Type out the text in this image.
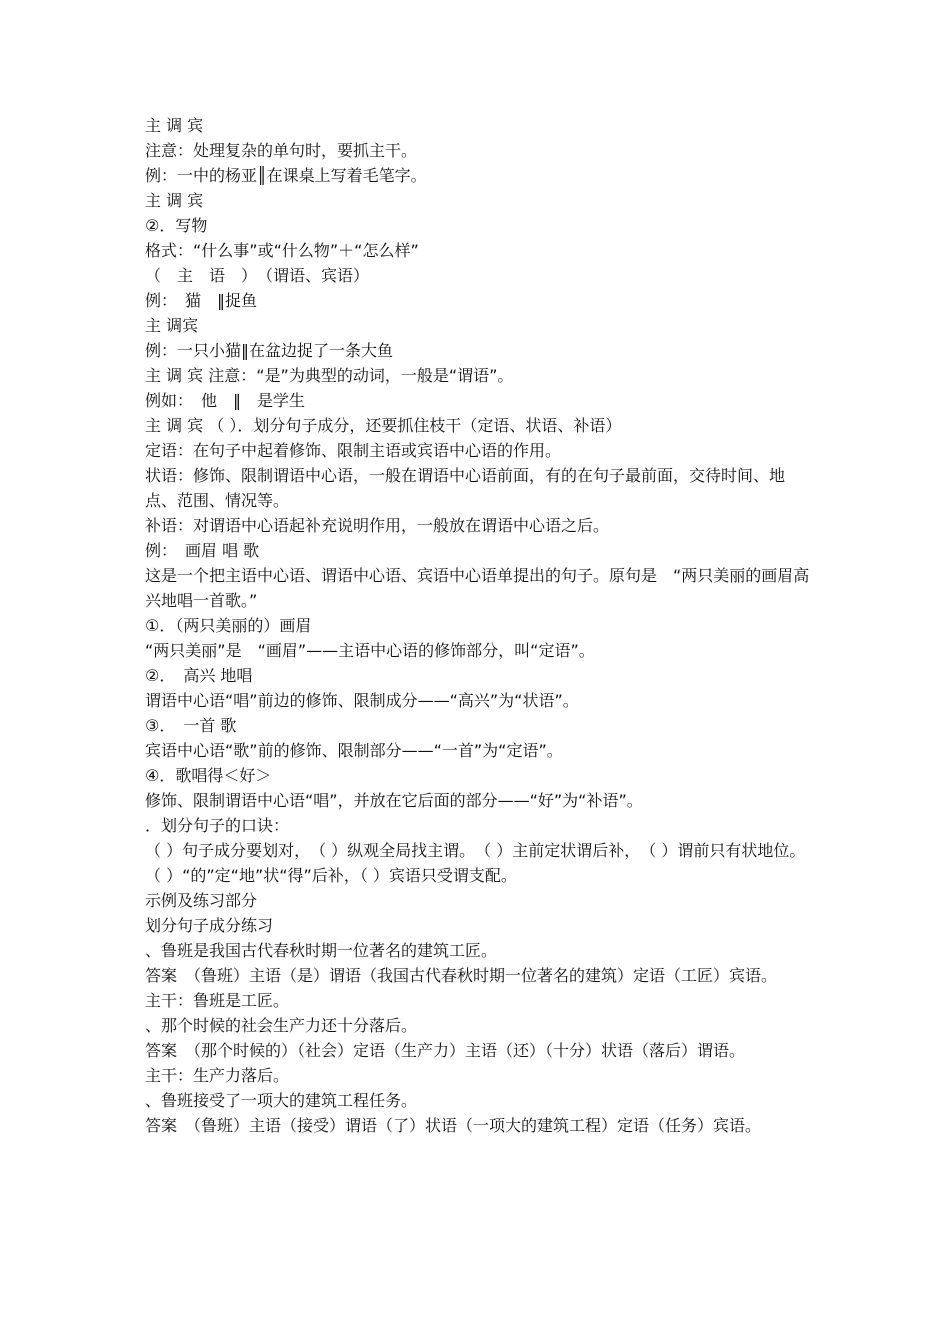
主 调 宾

注意：处理复杂的单句时，要抓主干。

例：一中的杨亚║在课桌上写着毛笔字。

主 调 宾

②．写物

格式：“什么事”或“什么物”＋“怎么样”

（　主　语　）　（谓语、宾语）

例：　猫　‖捉鱼

主 调宾

例：一只小猫‖在盆边捉了一条大鱼

主 调 宾 注意：“是”为典型的动词，一般是“谓语”。

例如：　他　‖　是学生

主 调 宾 （ ）．划分句子成分，还要抓住枝干（定语、状语、补语）

定语：在句子中起着修饰、限制主语或宾语中心语的作用。

状语：修饰、限制谓语中心语，一般在谓语中心语前面，有的在句子最前面，交待时间、地点、范围、情况等。

补语：对谓语中心语起补充说明作用，一般放在谓语中心语之后。

例：　画眉 唱 歌

这是一个把主语中心语、谓语中心语、宾语中心语单提出的句子。原句是　“两只美丽的画眉高兴地唱一首歌。”

①．（两只美丽的）画眉

“两只美丽”是　“画眉”——主语中心语的修饰部分，叫“定语”。

②．　高兴 地唱

谓语中心语“唱”前边的修饰、限制成分——“高兴”为“状语”。

③．　一首 歌

宾语中心语“歌”前的修饰、限制部分——“一首”为“定语”。

④．歌唱得＜好＞

修饰、限制谓语中心语“唱”，并放在它后面的部分——“好”为“补语”。

．划分句子的口诀：

（ ）句子成分要划对，　（ ）纵观全局找主谓。　（ ）主前定状谓后补，　（ ）谓前只有状地位。（ ）“的”定“地”状“得”后补，（ ）宾语只受谓支配。

示例及练习部分

划分句子成分练习

、鲁班是我国古代春秋时期一位著名的建筑工匠。

答案　（鲁班）主语（是）谓语（我国古代春秋时期一位著名的建筑）定语（工匠）宾语。

主干：鲁班是工匠。

、那个时候的社会生产力还十分落后。

答案　（那个时候的）（社会）定语（生产力）主语（还）（十分）状语（落后）谓语。

主干：生产力落后。

、鲁班接受了一项大的建筑工程任务。

答案　（鲁班）主语（接受）谓语（了）状语（一项大的建筑工程）定语（任务）宾语。
